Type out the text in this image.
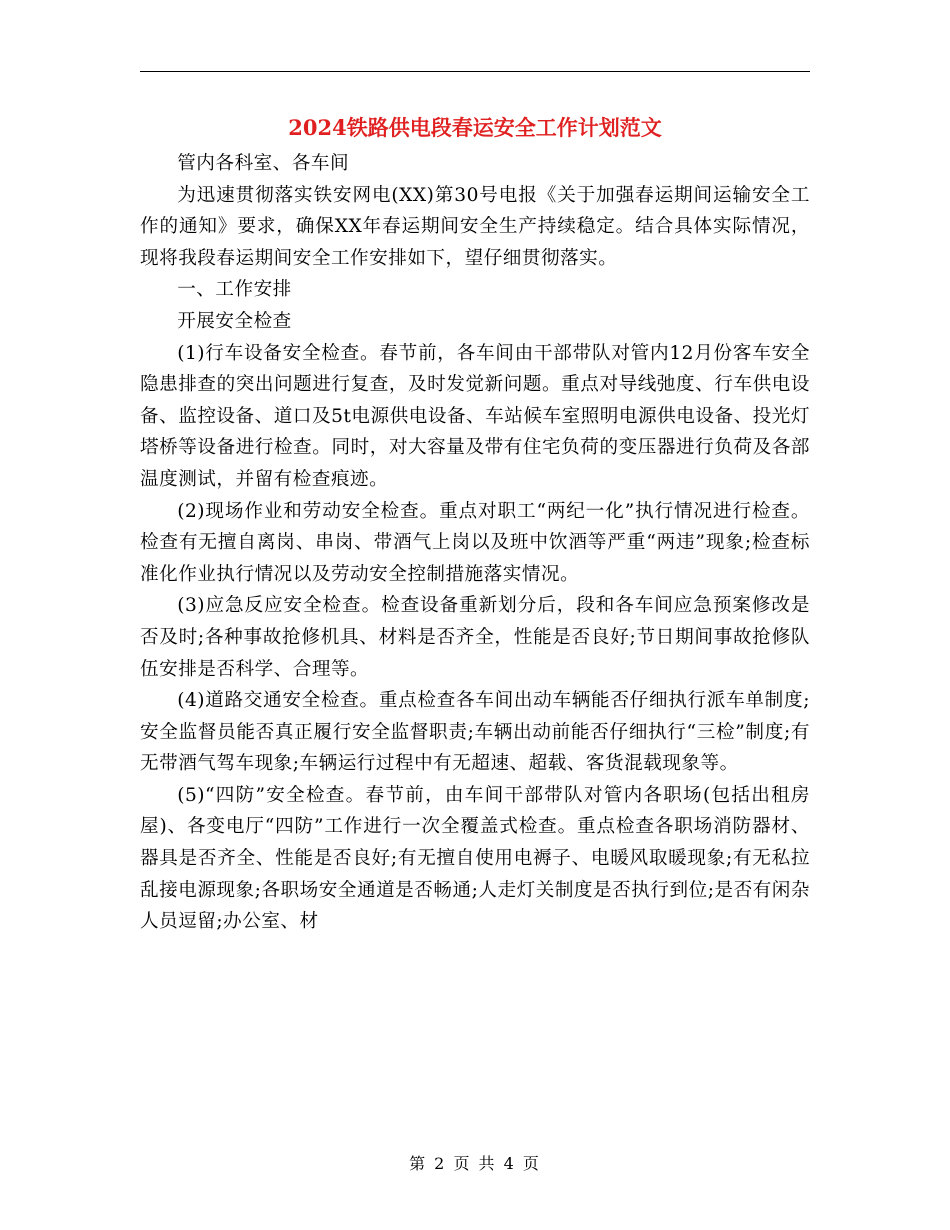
2024铁路供电段春运安全工作计划范文

管内各科室、各车间

为迅速贯彻落实铁安网电(XX)第30号电报《关于加强春运期间运输安全工作的通知》要求，确保XX年春运期间安全生产持续稳定。结合具体实际情况，现将我段春运期间安全工作安排如下，望仔细贯彻落实。

一、工作安排

开展安全检查

(1)行车设备安全检查。春节前，各车间由干部带队对管内12月份客车安全隐患排查的突出问题进行复查，及时发觉新问题。重点对导线弛度、行车供电设备、监控设备、道口及5t电源供电设备、车站候车室照明电源供电设备、投光灯塔桥等设备进行检查。同时，对大容量及带有住宅负荷的变压器进行负荷及各部温度测试，并留有检查痕迹。

(2)现场作业和劳动安全检查。重点对职工“两纪一化”执行情况进行检查。检查有无擅自离岗、串岗、带酒气上岗以及班中饮酒等严重“两违”现象;检查标准化作业执行情况以及劳动安全控制措施落实情况。

(3)应急反应安全检查。检查设备重新划分后，段和各车间应急预案修改是否及时;各种事故抢修机具、材料是否齐全，性能是否良好;节日期间事故抢修队伍安排是否科学、合理等。

(4)道路交通安全检查。重点检查各车间出动车辆能否仔细执行派车单制度;安全监督员能否真正履行安全监督职责;车辆出动前能否仔细执行“三检”制度;有无带酒气驾车现象;车辆运行过程中有无超速、超载、客货混载现象等。

(5)“四防”安全检查。春节前，由车间干部带队对管内各职场(包括出租房屋)、各变电厅“四防”工作进行一次全覆盖式检查。重点检查各职场消防器材、器具是否齐全、性能是否良好;有无擅自使用电褥子、电暖风取暖现象;有无私拉乱接电源现象;各职场安全通道是否畅通;人走灯关制度是否执行到位;是否有闲杂人员逗留;办公室、材

第 2 页 共 4 页
